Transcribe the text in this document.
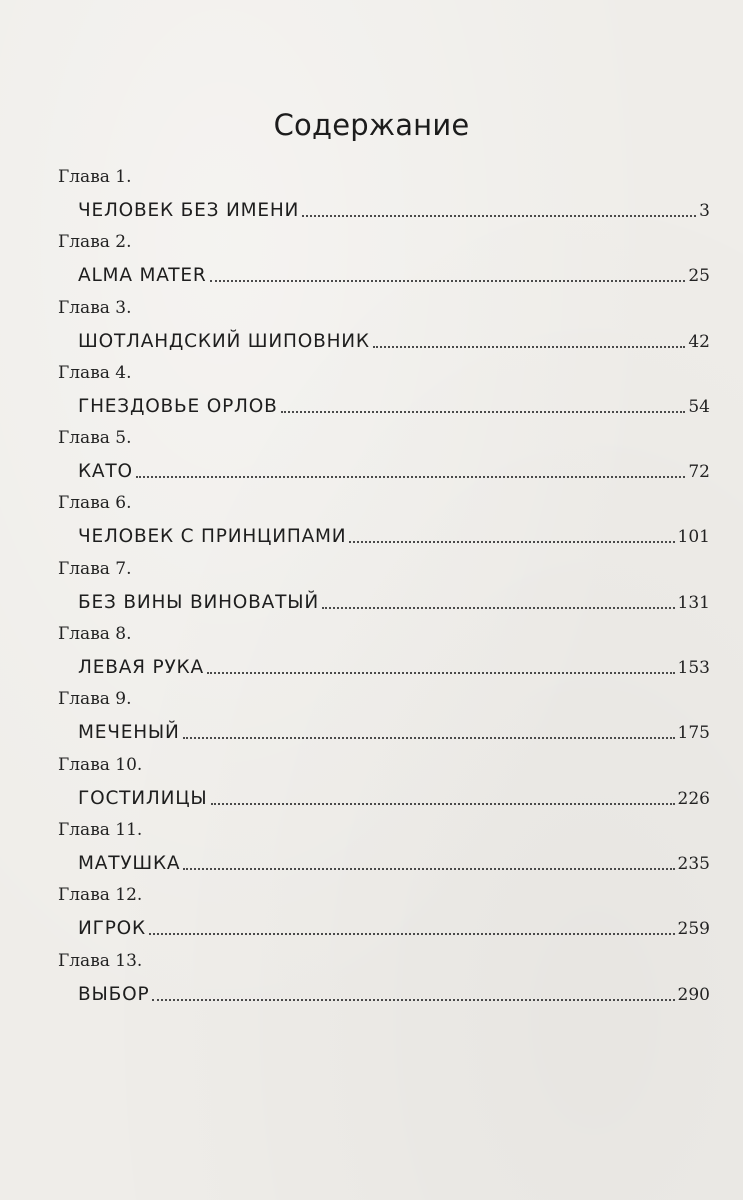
Содержание
Глава 1.
ЧЕЛОВЕК БЕЗ ИМЕНИ	3
Глава 2.
ALMA MATER	25
Глава 3.
ШОТЛАНДСКИЙ ШИПОВНИК	42
Глава 4.
ГНЕЗДОВЬЕ ОРЛОВ	54
Глава 5.
КАТО	72
Глава 6.
ЧЕЛОВЕК С ПРИНЦИПАМИ	101
Глава 7.
БЕЗ ВИНЫ ВИНОВАТЫЙ	131
Глава 8.
ЛЕВАЯ РУКА	153
Глава 9.
МЕЧЕНЫЙ	175
Глава 10.
ГОСТИЛИЦЫ	226
Глава 11.
МАТУШКА	235
Глава 12.
ИГРОК	259
Глава 13.
ВЫБОР	290
